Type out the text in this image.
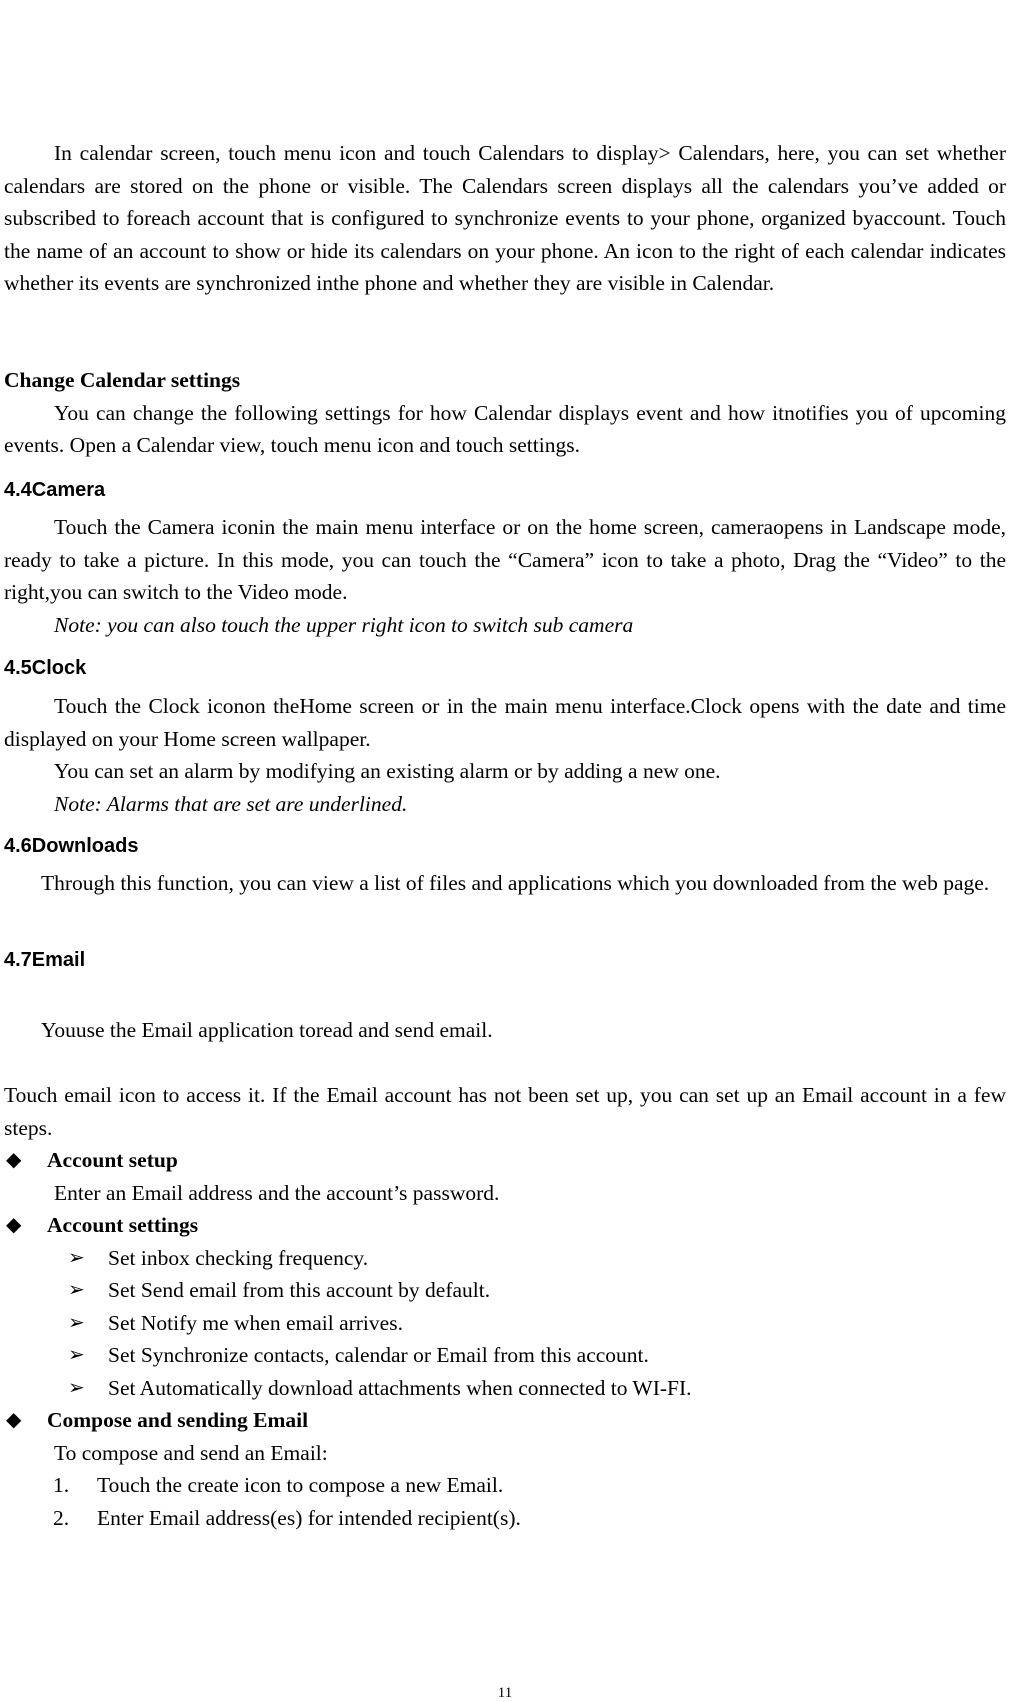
In calendar screen, touch menu icon and touch Calendars to display> Calendars, here, you can set whether calendars are stored on the phone or visible. The Calendars screen displays all the calendars you’ve added or subscribed to foreach account that is configured to synchronize events to your phone, organized byaccount. Touch the name of an account to show or hide its calendars on your phone. An icon to the right of each calendar indicates whether its events are synchronized inthe phone and whether they are visible in Calendar.

Change Calendar settings

You can change the following settings for how Calendar displays event and how itnotifies you of upcoming events. Open a Calendar view, touch menu icon and touch settings.

4.4Camera

Touch the Camera iconin the main menu interface or on the home screen, cameraopens in Landscape mode, ready to take a picture. In this mode, you can touch the “Camera” icon to take a photo, Drag the “Video” to the right,you can switch to the Video mode.

Note: you can also touch the upper right icon to switch sub camera
4.5Clock

Touch the Clock iconon theHome screen or in the main menu interface.Clock opens with the date and time displayed on your Home screen wallpaper.

You can set an alarm by modifying an existing alarm or by adding a new one.
Note: Alarms that are set are underlined.
4.6Downloads

Through this function, you can view a list of files and applications which you downloaded from the web page.

4.7Email
Youuse the Email application toread and send email.

Touch email icon to access it. If the Email account has not been set up, you can set up an Email account in a few steps.

◆ Account setup
Enter an Email address and the account’s password.
◆ Account settings
➢ Set inbox checking frequency.
➢ Set Send email from this account by default.
➢ Set Notify me when email arrives.
➢ Set Synchronize contacts, calendar or Email from this account.
➢ Set Automatically download attachments when connected to WI-FI.
◆ Compose and sending Email
To compose and send an Email:
1. Touch the create icon to compose a new Email.
2. Enter Email address(es) for intended recipient(s).
11
